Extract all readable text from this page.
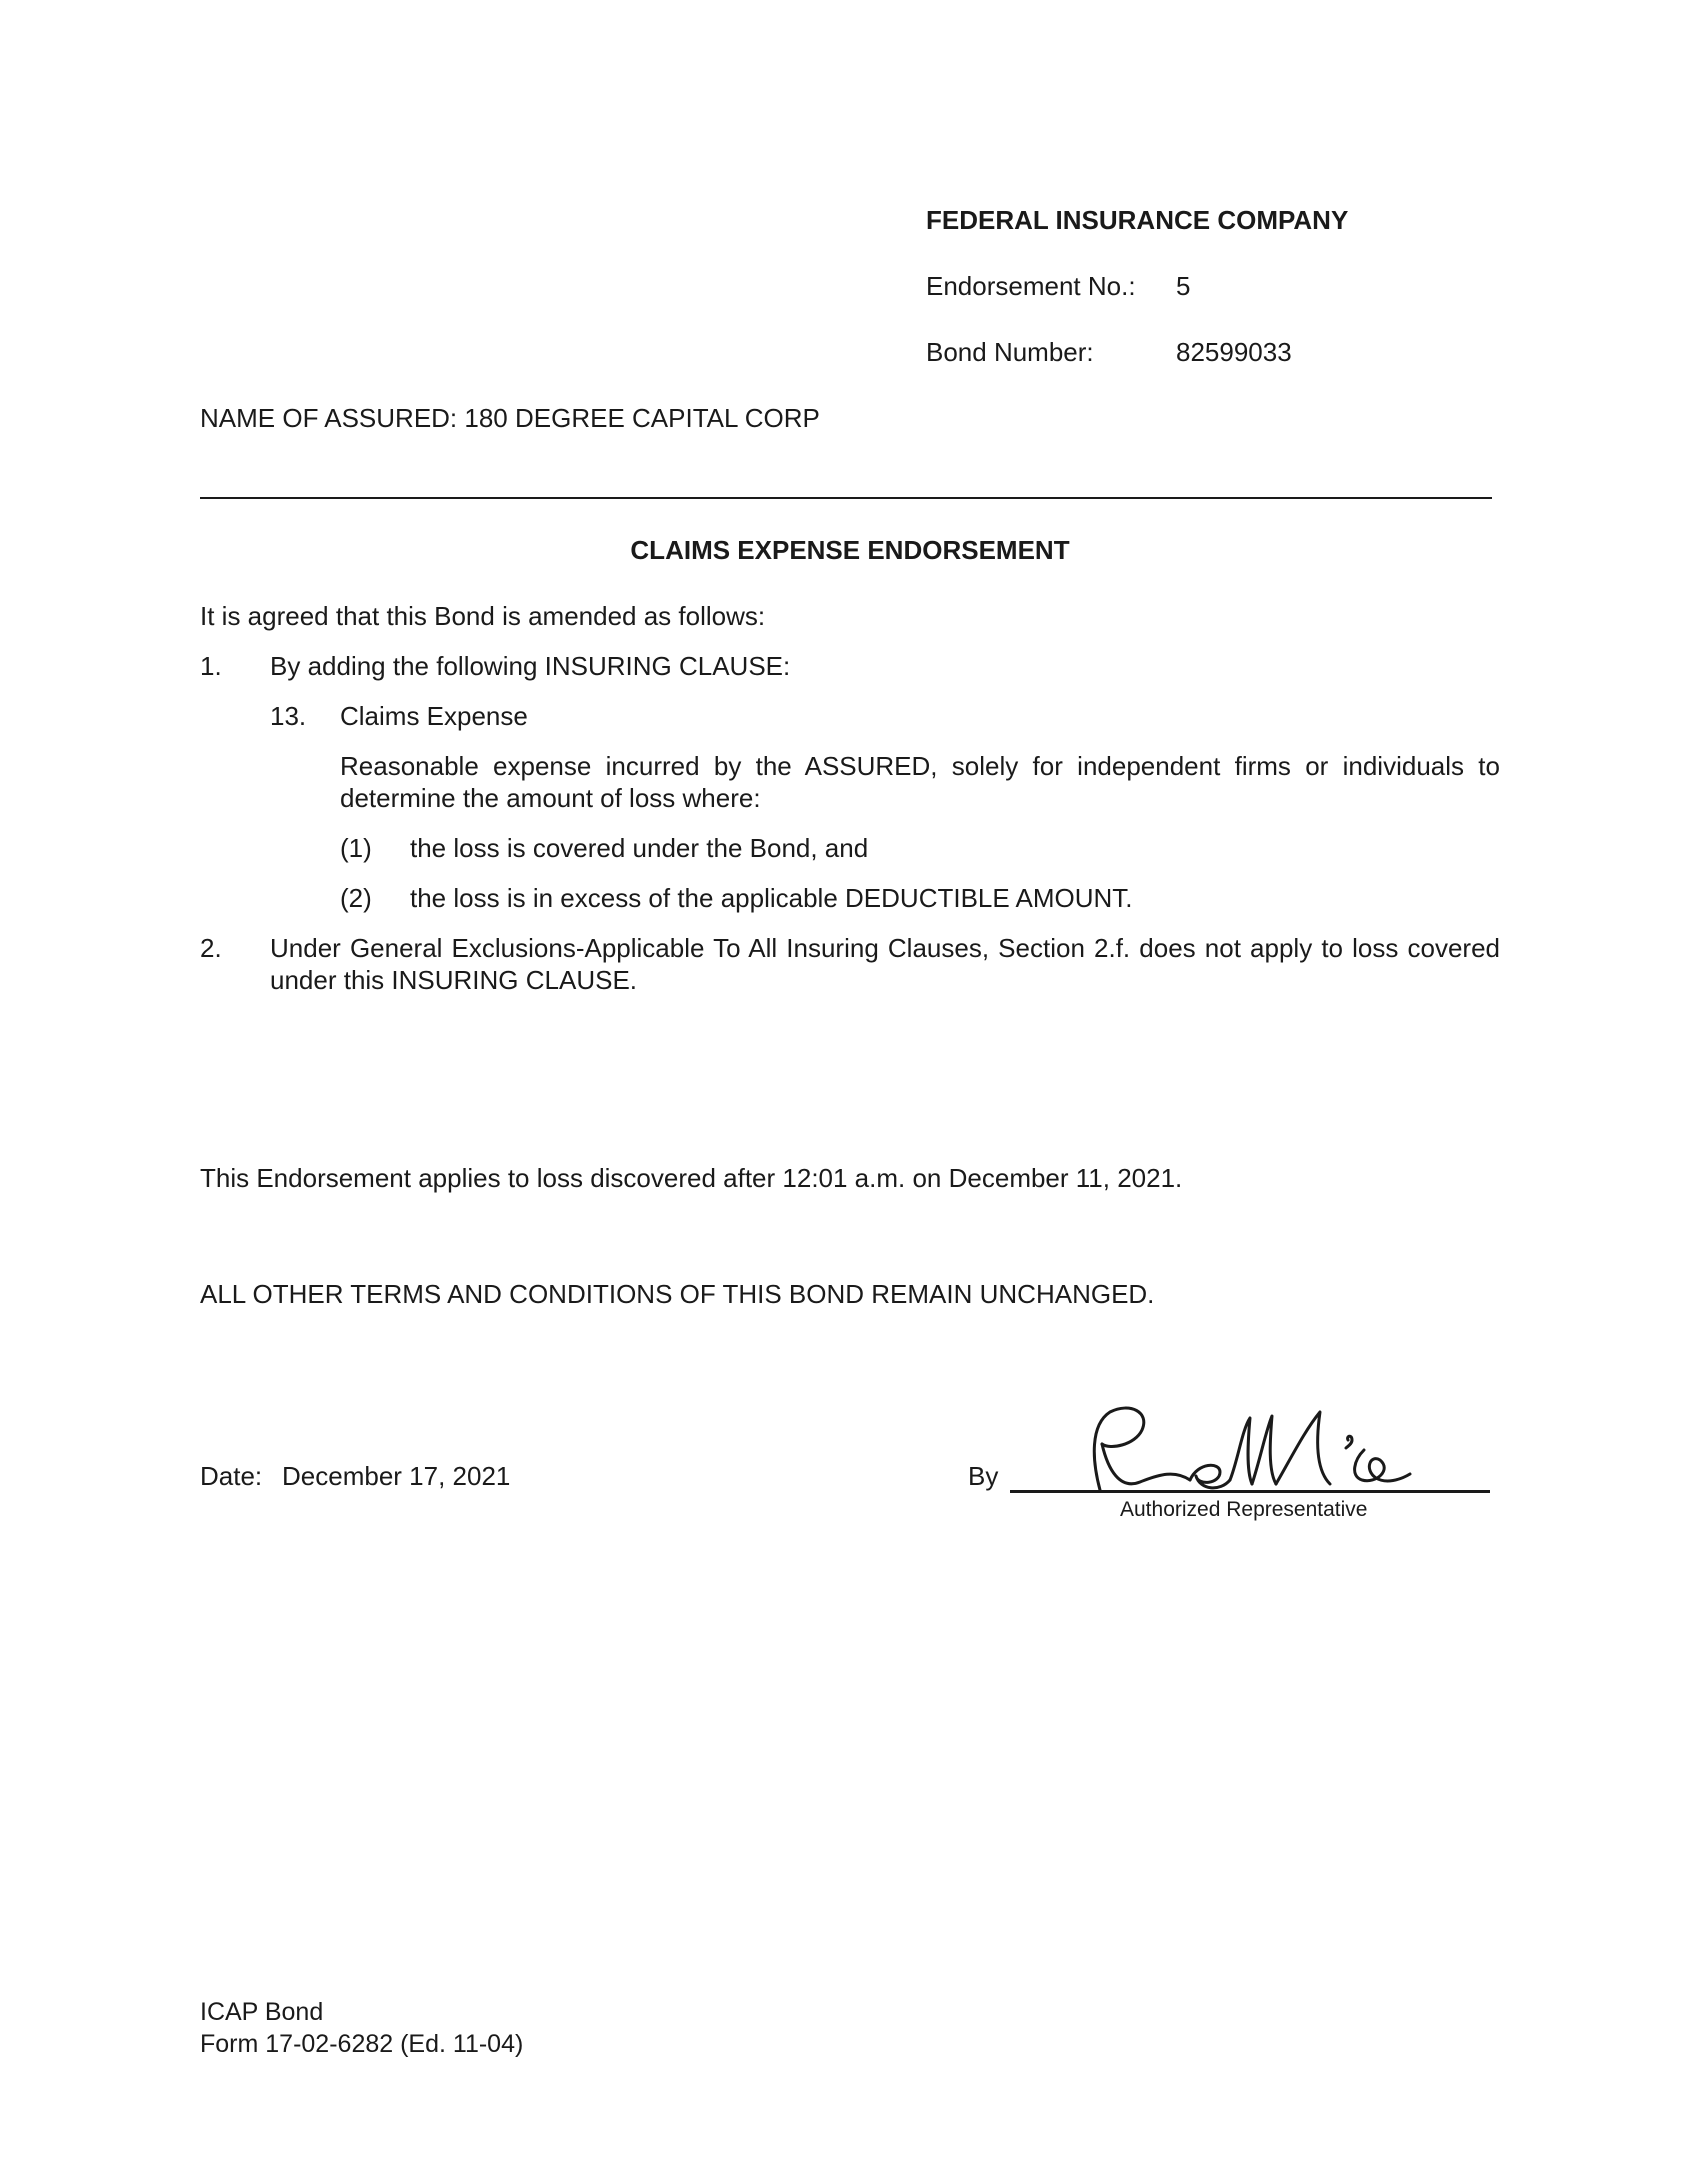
FEDERAL INSURANCE COMPANY
Endorsement No.: 5
Bond Number:	82599033
NAME OF ASSURED: 180 DEGREE CAPITAL CORP
CLAIMS EXPENSE ENDORSEMENT
It is agreed that this Bond is amended as follows:
1. By adding the following INSURING CLAUSE:
13. Claims Expense
Reasonable expense incurred by the ASSURED, solely for independent firms or individuals to determine the amount of loss where:
(1) the loss is covered under the Bond, and
(2) the loss is in excess of the applicable DEDUCTIBLE AMOUNT.
2. Under General Exclusions-Applicable To All Insuring Clauses, Section 2.f. does not apply to loss covered under this INSURING CLAUSE.
This Endorsement applies to loss discovered after 12:01 a.m. on December 11, 2021.
ALL OTHER TERMS AND CONDITIONS OF THIS BOND REMAIN UNCHANGED.
Date: December 17, 2021	By
Authorized Representative
ICAP Bond
Form 17-02-6282 (Ed. 11-04)
